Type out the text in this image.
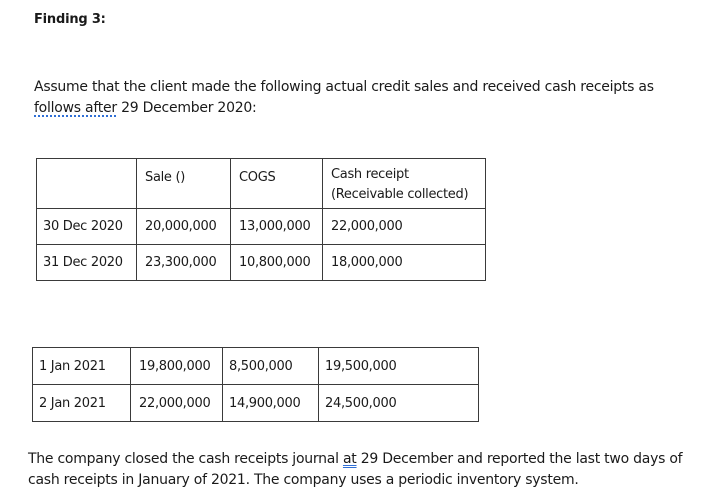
Finding 3:

Assume that the client made the following actual credit sales and received cash receipts as follows after 29 December 2020:

	Sale ()	COGS	Cash receipt
(Receivable collected)
30 Dec 2020	20,000,000	13,000,000	22,000,000
31 Dec 2020	23,300,000	10,800,000	18,000,000
1 Jan 2021	19,800,000	8,500,000	19,500,000
2 Jan 2021	22,000,000	14,900,000	24,500,000

The company closed the cash receipts journal at 29 December and reported the last two days of cash receipts in January of 2021. The company uses a periodic inventory system.
